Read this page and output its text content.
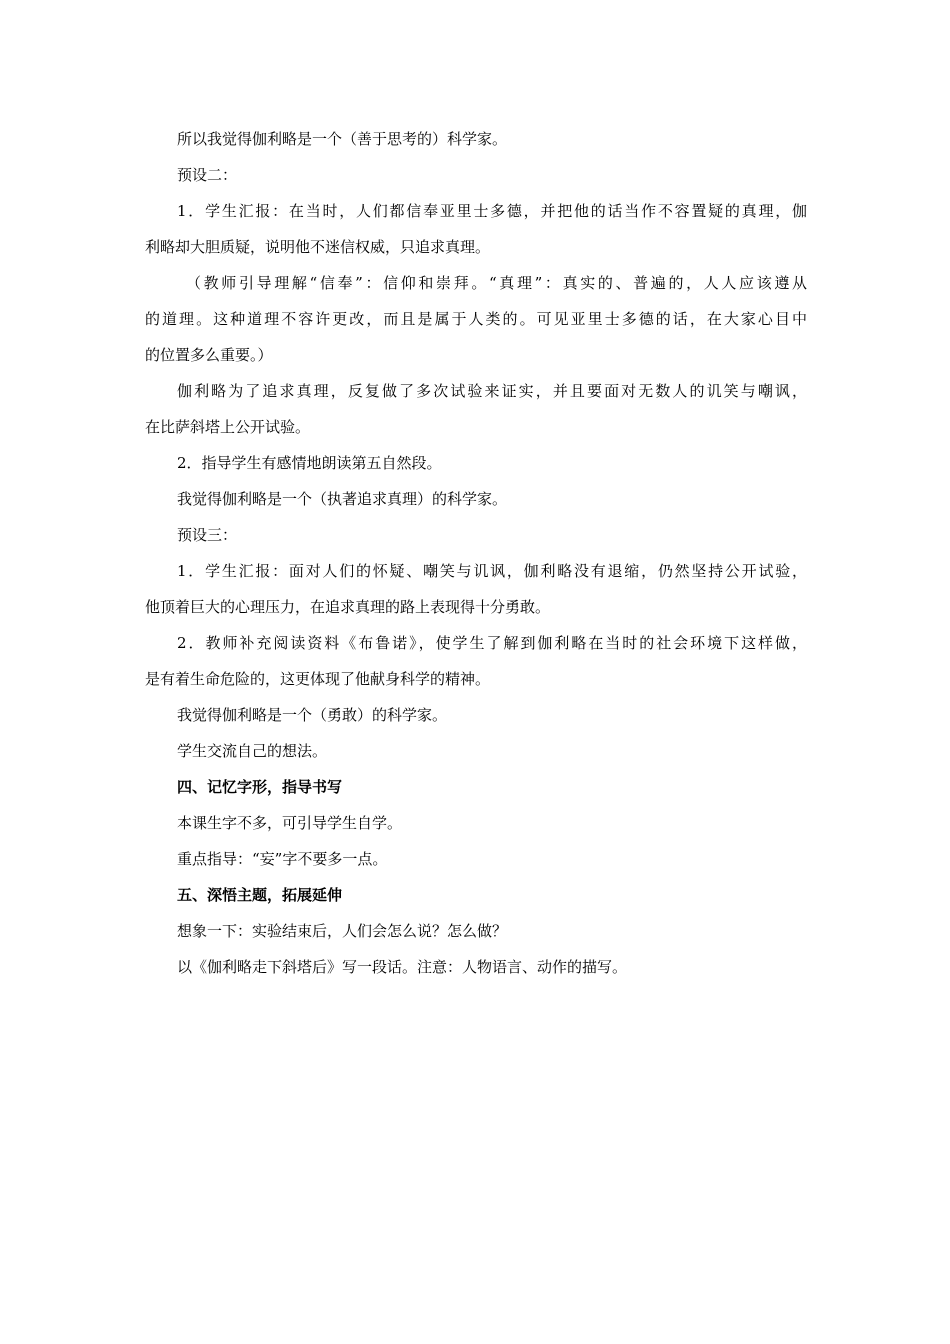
所以我觉得伽利略是一个（善于思考的）科学家。
预设二：
1．学生汇报：在当时，人们都信奉亚里士多德，并把他的话当作不容置疑的真理，伽
利略却大胆质疑，说明他不迷信权威，只追求真理。
（教师引导理解“信奉”：信仰和崇拜。“真理”：真实的、普遍的，人人应该遵从
的道理。这种道理不容许更改，而且是属于人类的。可见亚里士多德的话，在大家心目中
的位置多么重要。）
伽利略为了追求真理，反复做了多次试验来证实，并且要面对无数人的讥笑与嘲讽，
在比萨斜塔上公开试验。
2．指导学生有感情地朗读第五自然段。
我觉得伽利略是一个（执著追求真理）的科学家。
预设三：
1．学生汇报：面对人们的怀疑、嘲笑与讥讽，伽利略没有退缩，仍然坚持公开试验，
他顶着巨大的心理压力，在追求真理的路上表现得十分勇敢。
2．教师补充阅读资料《布鲁诺》，使学生了解到伽利略在当时的社会环境下这样做，
是有着生命危险的，这更体现了他献身科学的精神。
我觉得伽利略是一个（勇敢）的科学家。
学生交流自己的想法。
四、记忆字形，指导书写
本课生字不多，可引导学生自学。
重点指导：“妄”字不要多一点。
五、深悟主题，拓展延伸
想象一下：实验结束后，人们会怎么说？怎么做？
以《伽利略走下斜塔后》写一段话。注意：人物语言、动作的描写。
